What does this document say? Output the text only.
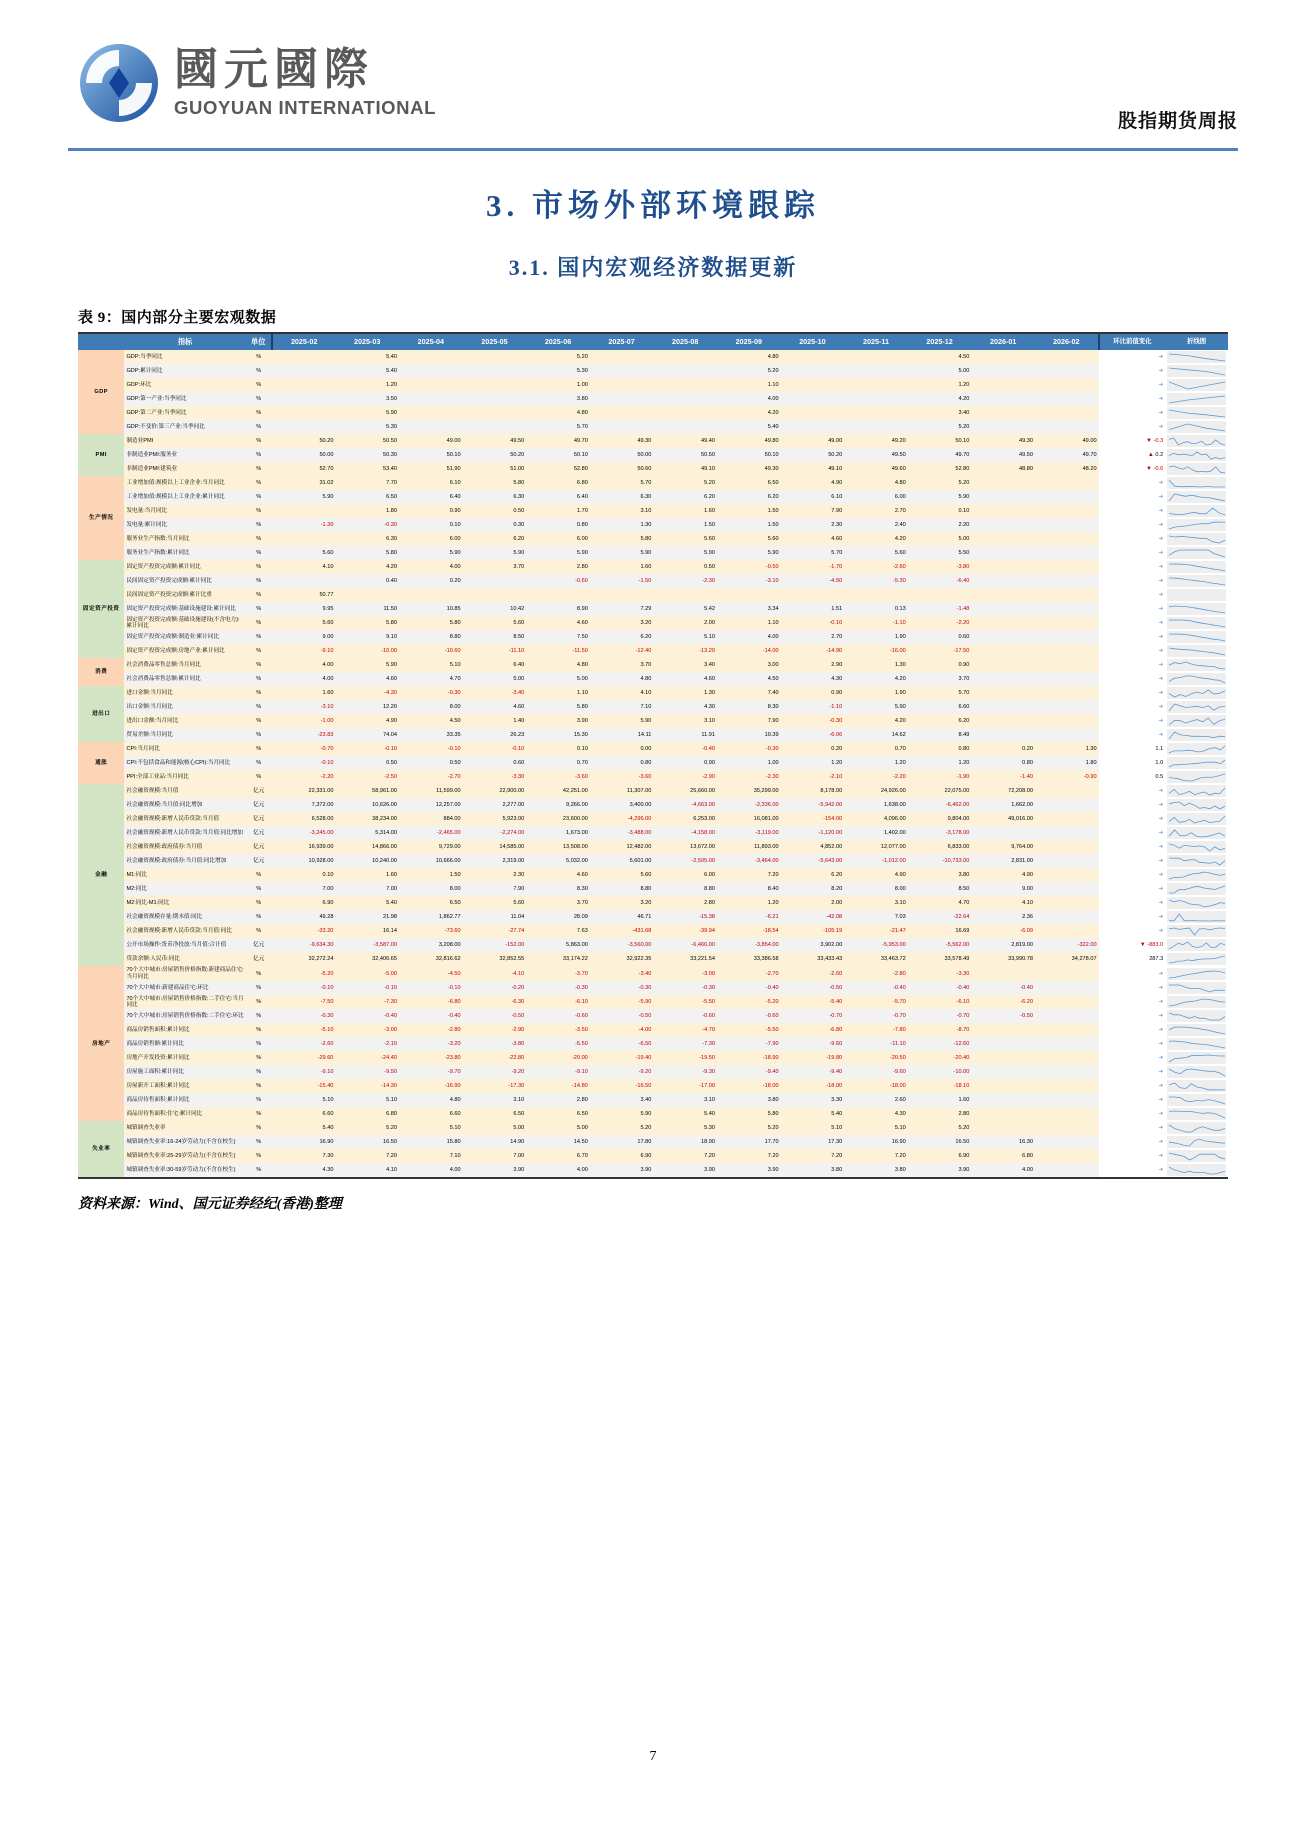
國元國際
GUOYUAN INTERNATIONAL
股指期货周报
3. 市场外部环境跟踪
3.1. 国内宏观经济数据更新
表 9：国内部分主要宏观数据
	指标	单位	2025-02	2025-03	2025-04	2025-05	2025-06	2025-07	2025-08	2025-09	2025-10	2025-11	2025-12	2026-01	2026-02	环比前值变化	折线图
GDP	GDP:当季同比	%		5.40			5.20			4.80			4.50			➜	

	GDP:累计同比	%		5.40			5.30			5.20			5.00			➜	

	GDP:环比	%		1.20			1.00			1.10			1.20			➜	

	GDP:第一产业:当季同比	%		3.50			3.80			4.00			4.20			➜	

	GDP:第二产业:当季同比	%		5.90			4.80			4.20			3.40			➜	

	GDP:不变价:第三产业:当季同比	%		5.30			5.70			5.40			5.20			➜	

PMI	制造业PMI	%	50.20	50.50	49.00	49.50	49.70	49.30	49.40	49.80	49.00	49.20	50.10	49.30	49.00	▼ -0.3	

	非制造业PMI:服务业	%	50.00	50.30	50.10	50.20	50.10	50.00	50.50	50.10	50.20	49.50	49.70	49.50	49.70	▲ 0.2	

	非制造业PMI:建筑业	%	52.70	53.40	51.90	51.00	52.80	50.60	49.10	49.30	49.10	49.60	52.80	48.80	48.20	▼ -0.6	

生产情况	工业增加值:规模以上工业企业:当月同比	%	31.02	7.70	6.10	5.80	6.80	5.70	5.20	6.50	4.90	4.80	5.20			➜	

	工业增加值:规模以上工业企业:累计同比	%	5.90	6.50	6.40	6.30	6.40	6.30	6.20	6.20	6.10	6.00	5.90			➜	

	发电量:当月同比	%		1.80	0.90	0.50	1.70	3.10	1.60	1.50	7.90	2.70	0.10			➜	

	发电量:累计同比	%	-1.30	-0.30	0.10	0.30	0.80	1.30	1.50	1.50	2.30	2.40	2.20			➜	

	服务业生产指数:当月同比	%		6.30	6.00	6.20	6.00	5.80	5.60	5.60	4.60	4.20	5.00			➜	

	服务业生产指数:累计同比	%	5.60	5.80	5.90	5.90	5.90	5.90	5.90	5.90	5.70	5.60	5.50			➜	

固定资产投资	固定资产投资完成额:累计同比	%	4.10	4.20	4.00	3.70	2.80	1.60	0.50	-0.50	-1.70	-2.60	-3.80			➜	

	民间固定资产投资完成额:累计同比	%		0.40	0.20		-0.60	-1.50	-2.30	-3.10	-4.50	-5.30	-6.40			➜	

	民间固定资产投资完成额:累计比重	%	50.77													➜	

	固定资产投资完成额:基础设施建设:累计同比	%	9.95	11.50	10.85	10.42	8.90	7.29	5.42	3.34	1.51	0.13	-1.48			➜	

	固定资产投资完成额:基础设施建设(不含电力):累计同比	%	5.60	5.80	5.80	5.60	4.60	3.20	2.00	1.10	-0.10	-1.10	-2.20			➜	

	固定资产投资完成额:制造业:累计同比	%	9.00	9.10	8.80	8.50	7.50	6.20	5.10	4.00	2.70	1.90	0.60			➜	

	固定资产投资完成额:房地产业:累计同比	%	-9.10	-10.00	-10.60	-11.10	-11.50	-12.40	-13.20	-14.00	-14.90	-16.00	-17.50			➜	

消费	社会消费品零售总额:当月同比	%	4.00	5.90	5.10	6.40	4.80	3.70	3.40	3.00	2.90	1.30	0.90			➜	

	社会消费品零售总额:累计同比	%	4.00	4.60	4.70	5.00	5.00	4.80	4.60	4.50	4.30	4.20	3.70			➜	

进出口	进口金额:当月同比	%	1.60	-4.30	-0.30	-3.40	1.10	4.10	1.30	7.40	0.90	1.90	5.70			➜	

	出口金额:当月同比	%	-3.10	12.20	8.00	4.60	5.80	7.10	4.30	8.30	-1.10	5.90	6.60			➜	

	进出口金额:当月同比	%	-1.00	4.90	4.50	1.40	3.90	5.90	3.10	7.90	-0.30	4.20	6.20			➜	

	贸易差额:当月同比	%	-23.83	74.04	33.35	26.23	15.30	14.11	11.91	10.39	-6.06	14.62	8.49			➜	

通胀	CPI:当月同比	%	-0.70	-0.10	-0.10	-0.10	0.10	0.00	-0.40	-0.30	0.20	0.70	0.80	0.20	1.30	1.1	

	CPI:不包括食品和能源(核心CPI):当月同比	%	-0.10	0.50	0.50	0.60	0.70	0.80	0.90	1.00	1.20	1.20	1.20	0.80	1.80	1.0	

	PPI:全部工业品:当月同比	%	-2.20	-2.50	-2.70	-3.30	-3.60	-3.60	-2.90	-2.30	-2.10	-2.20	-1.90	-1.40	-0.90	0.5	

金融	社会融资规模:当月值	亿元	22,331.00	58,961.00	11,599.00	22,900.00	42,251.00	11,307.00	25,660.00	35,299.00	8,178.00	24,926.00	22,075.00	72,208.00		➜	

	社会融资规模:当月值:同比增加	亿元	7,372.00	10,626.00	12,257.00	2,277.00	9,266.00	3,400.00	-4,663.00	-2,336.00	-5,942.00	1,638.00	-6,462.00	1,662.00		➜	

	社会融资规模:新增人民币贷款:当月值	亿元	6,528.00	38,234.00	884.00	5,923.00	23,600.00	-4,296.00	6,253.00	16,081.00	-154.00	4,096.00	9,804.00	49,016.00		➜	

	社会融资规模:新增人民币贷款:当月值:同比增加	亿元	-3,245.00	5,314.00	-2,465.00	-2,274.00	1,673.00	-3,488.00	-4,158.00	-3,119.00	-1,120.00	1,402.00	-3,178.00			➜	

	社会融资规模:政府债券:当月值	亿元	16,939.00	14,866.00	9,729.00	14,585.00	13,508.00	12,482.00	13,672.00	11,893.00	4,852.00	12,077.00	6,833.00	9,764.00		➜	

	社会融资规模:政府债券:当月值:同比增加	亿元	10,928.00	10,240.00	10,666.00	2,319.00	5,032.00	5,601.00	-2,505.00	-3,464.00	-5,643.00	-1,012.00	-10,733.00	2,831.00		➜	

	M1:同比	%	0.10	1.60	1.50	2.30	4.60	5.60	6.00	7.20	6.20	4.90	3.80	4.90		➜	

	M2:同比	%	7.00	7.00	8.00	7.90	8.30	8.80	8.80	8.40	8.20	8.00	8.50	9.00		➜	

	M2:同比-M1:同比	%	6.90	5.40	6.50	5.60	3.70	3.20	2.80	1.20	2.00	3.10	4.70	4.10		➜	

	社会融资规模存量:期末值:同比	%	49.28	21.98	1,862.77	11.04	28.09	46.71	-15.38	-6.21	-42.08	7.03	-22.64	2.36		➜	

	社会融资规模:新增人民币贷款:当月值:同比	%	-33.20	16.14	-73.60	-27.74	7.63	-431.68	-39.94	-18.54	-105.19	-21.47	16.69	-6.09		➜	

	公开市场操作:货币净投放:当月值:合计值	亿元	-9,634.30	-3,587.00	3,208.00	-152.00	5,863.00	-3,560.00	-6,466.00	-3,854.00	3,902.00	-5,953.00	-5,562.00	2,819.00	-322.00	▼ -883.0	

	贷款余额:人民币:同比	亿元	32,272.24	32,406.65	32,816.62	32,852.55	33,174.22	32,922.35	33,221.54	33,386.58	33,433.43	33,463.72	33,578.49	33,990.78	34,278.07	287.3	

房地产	70个大中城市:房屋销售价格指数:新建商品住宅:当月同比	%	-5.20	-5.00	-4.50	-4.10	-3.70	-3.40	-3.00	-2.70	-2.60	-2.80	-3.30			➜	

	70个大中城市:新建商品住宅:环比	%	-0.10	-0.10	-0.10	-0.20	-0.30	-0.30	-0.30	-0.40	-0.50	-0.40	-0.40	-0.40		➜	

	70个大中城市:房屋销售价格指数:二手住宅:当月同比	%	-7.50	-7.30	-6.80	-6.30	-6.10	-5.90	-5.50	-5.20	-5.40	-5.70	-6.10	-6.20		➜	

	70个大中城市:房屋销售价格指数:二手住宅:环比	%	-0.30	-0.40	-0.40	-0.50	-0.60	-0.50	-0.60	-0.60	-0.70	-0.70	-0.70	-0.50		➜	

	商品房销售面积:累计同比	%	-5.10	-3.00	-2.80	-2.90	-3.50	-4.00	-4.70	-5.50	-6.80	-7.80	-8.70			➜	

	商品房销售额:累计同比	%	-2.60	-2.10	-3.20	-3.80	-5.50	-6.50	-7.30	-7.90	-9.60	-11.10	-12.60			➜	

	房地产开发投资:累计同比	%	-29.60	-24.40	-23.80	-22.80	-20.00	-19.40	-19.50	-18.90	-19.80	-20.50	-20.40			➜	

	房屋施工面积:累计同比	%	-9.10	-9.50	-9.70	-9.20	-9.10	-9.20	-9.30	-9.40	-9.40	-9.60	-10.00			➜	

	房屋新开工面积:累计同比	%	-15.40	-14.30	-16.90	-17.30	-14.80	-16.50	-17.00	-18.00	-18.00	-18.00	-18.10			➜	

	商品房待售面积:累计同比	%	5.10	5.10	4.80	3.10	2.80	3.40	3.10	3.80	3.30	2.60	1.60			➜	

	商品房待售面积:住宅:累计同比	%	6.60	6.80	6.60	6.50	6.50	5.90	5.40	5.80	5.40	4.30	2.80			➜	

失业率	城镇调查失业率	%	5.40	5.20	5.10	5.00	5.00	5.20	5.30	5.20	5.10	5.10	5.20			➜	

	城镇调查失业率:16-24岁劳动力(不含在校生)	%	16.90	16.50	15.80	14.90	14.50	17.80	18.90	17.70	17.30	16.90	16.50	16.30		➜	

	城镇调查失业率:25-29岁劳动力(不含在校生)	%	7.30	7.20	7.10	7.00	6.70	6.90	7.20	7.20	7.20	7.20	6.90	6.80		➜	

	城镇调查失业率:30-59岁劳动力(不含在校生)	%	4.30	4.10	4.00	3.90	4.00	3.90	3.90	3.90	3.80	3.80	3.90	4.00		➜	
资料来源：Wind、国元证券经纪(香港)整理
7
